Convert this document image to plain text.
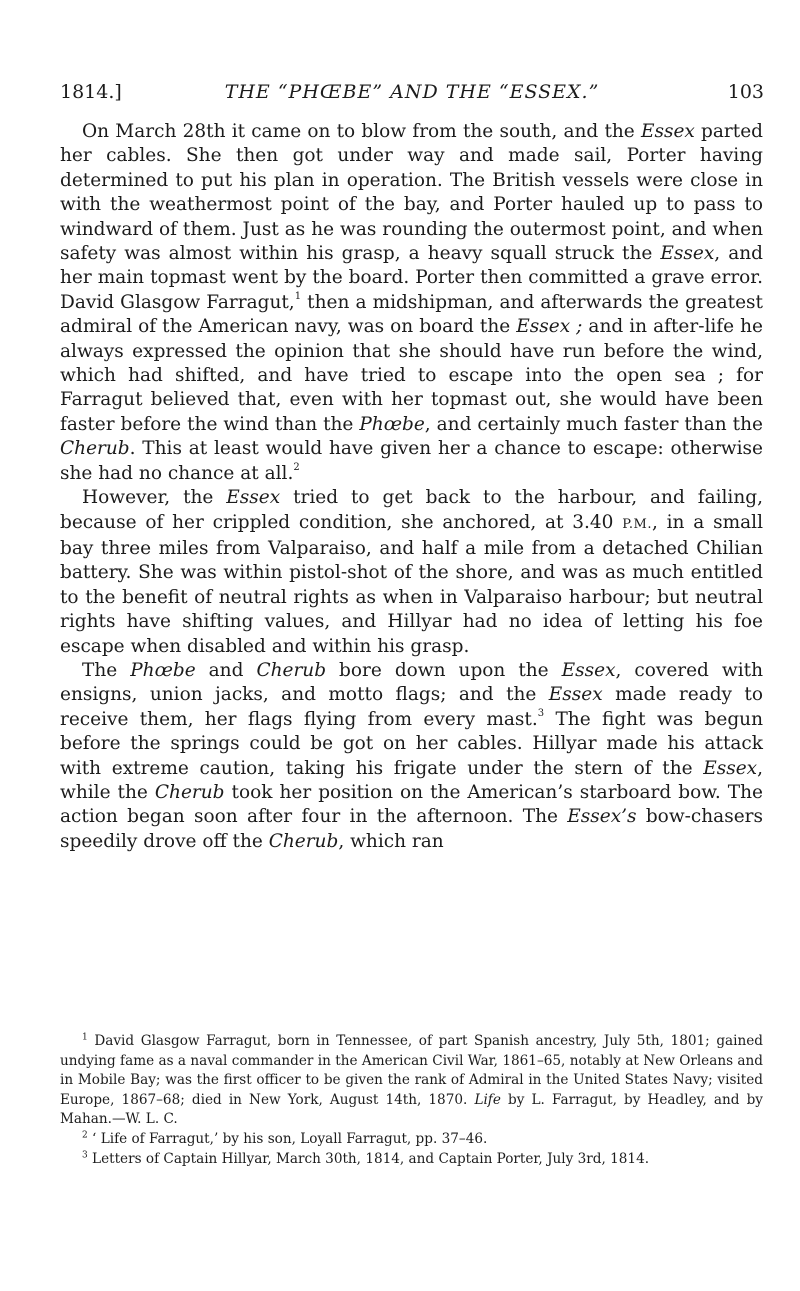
1814.]	THE “PHŒBE” AND THE “ESSEX.”	103

On March 28th it came on to blow from the south, and the Essex parted her cables. She then got under way and made sail, Porter having determined to put his plan in operation. The British vessels were close in with the weathermost point of the bay, and Porter hauled up to pass to windward of them. Just as he was rounding the outermost point, and when safety was almost within his grasp, a heavy squall struck the Essex, and her main topmast went by the board. Porter then committed a grave error. David Glasgow Farragut,$^1$ then a midshipman, and afterwards the greatest admiral of the American navy, was on board the Essex ; and in after-life he always expressed the opinion that she should have run before the wind, which had shifted, and have tried to escape into the open sea ; for Farragut believed that, even with her topmast out, she would have been faster before the wind than the Phœbe, and certainly much faster than the Cherub. This at least would have given her a chance to escape: otherwise she had no chance at all.$^2$

However, the Essex tried to get back to the harbour, and failing, because of her crippled condition, she anchored, at 3.40 P.M., in a small bay three miles from Valparaiso, and half a mile from a detached Chilian battery. She was within pistol-shot of the shore, and was as much entitled to the benefit of neutral rights as when in Valparaiso harbour; but neutral rights have shifting values, and Hillyar had no idea of letting his foe escape when disabled and within his grasp.

The Phœbe and Cherub bore down upon the Essex, covered with ensigns, union jacks, and motto flags; and the Essex made ready to receive them, her flags flying from every mast.$^3$ The fight was begun before the springs could be got on her cables. Hillyar made his attack with extreme caution, taking his frigate under the stern of the Essex, while the Cherub took her position on the American’s starboard bow. The action began soon after four in the afternoon. The Essex’s bow-chasers speedily drove off the Cherub, which ran

$^1$ David Glasgow Farragut, born in Tennessee, of part Spanish ancestry, July 5th, 1801; gained undying fame as a naval commander in the American Civil War, 1861–65, notably at New Orleans and in Mobile Bay; was the first officer to be given the rank of Admiral in the United States Navy; visited Europe, 1867–68; died in New York, August 14th, 1870. Life by L. Farragut, by Headley, and by Mahan.—W. L. C.

$^2$ ‘ Life of Farragut,’ by his son, Loyall Farragut, pp. 37–46.

$^3$ Letters of Captain Hillyar, March 30th, 1814, and Captain Porter, July 3rd, 1814.
